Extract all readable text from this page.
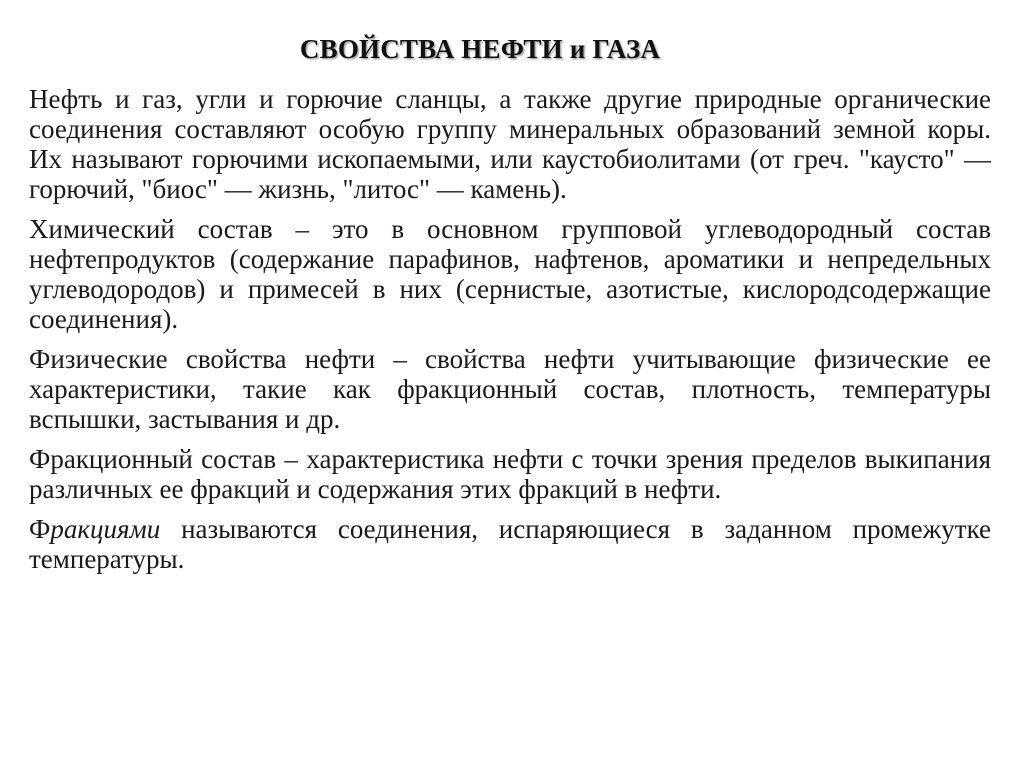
СВОЙСТВА НЕФТИ и ГАЗА

Нефть и газ, угли и горючие сланцы, а также другие природные органические соединения составляют особую группу минеральных образований земной коры. Их называют горючими ископаемыми, или каустобиолитами (от греч. "каусто" — горючий, "биос" — жизнь, "литос" — камень).

Химический состав – это в основном групповой углеводородный состав нефтепродуктов (содержание парафинов, нафтенов, ароматики и непредельных углеводородов) и примесей в них (сернистые, азотистые, кислородсодержащие соединения).

Физические свойства нефти – свойства нефти учитывающие физические ее характеристики, такие как фракционный состав, плотность, температуры вспышки, застывания и др.

Фракционный состав – характеристика нефти с точки зрения пределов выкипания различных ее фракций и содержания этих фракций в нефти.

Фракциями называются соединения, испаряющиеся в заданном промежутке температуры.
